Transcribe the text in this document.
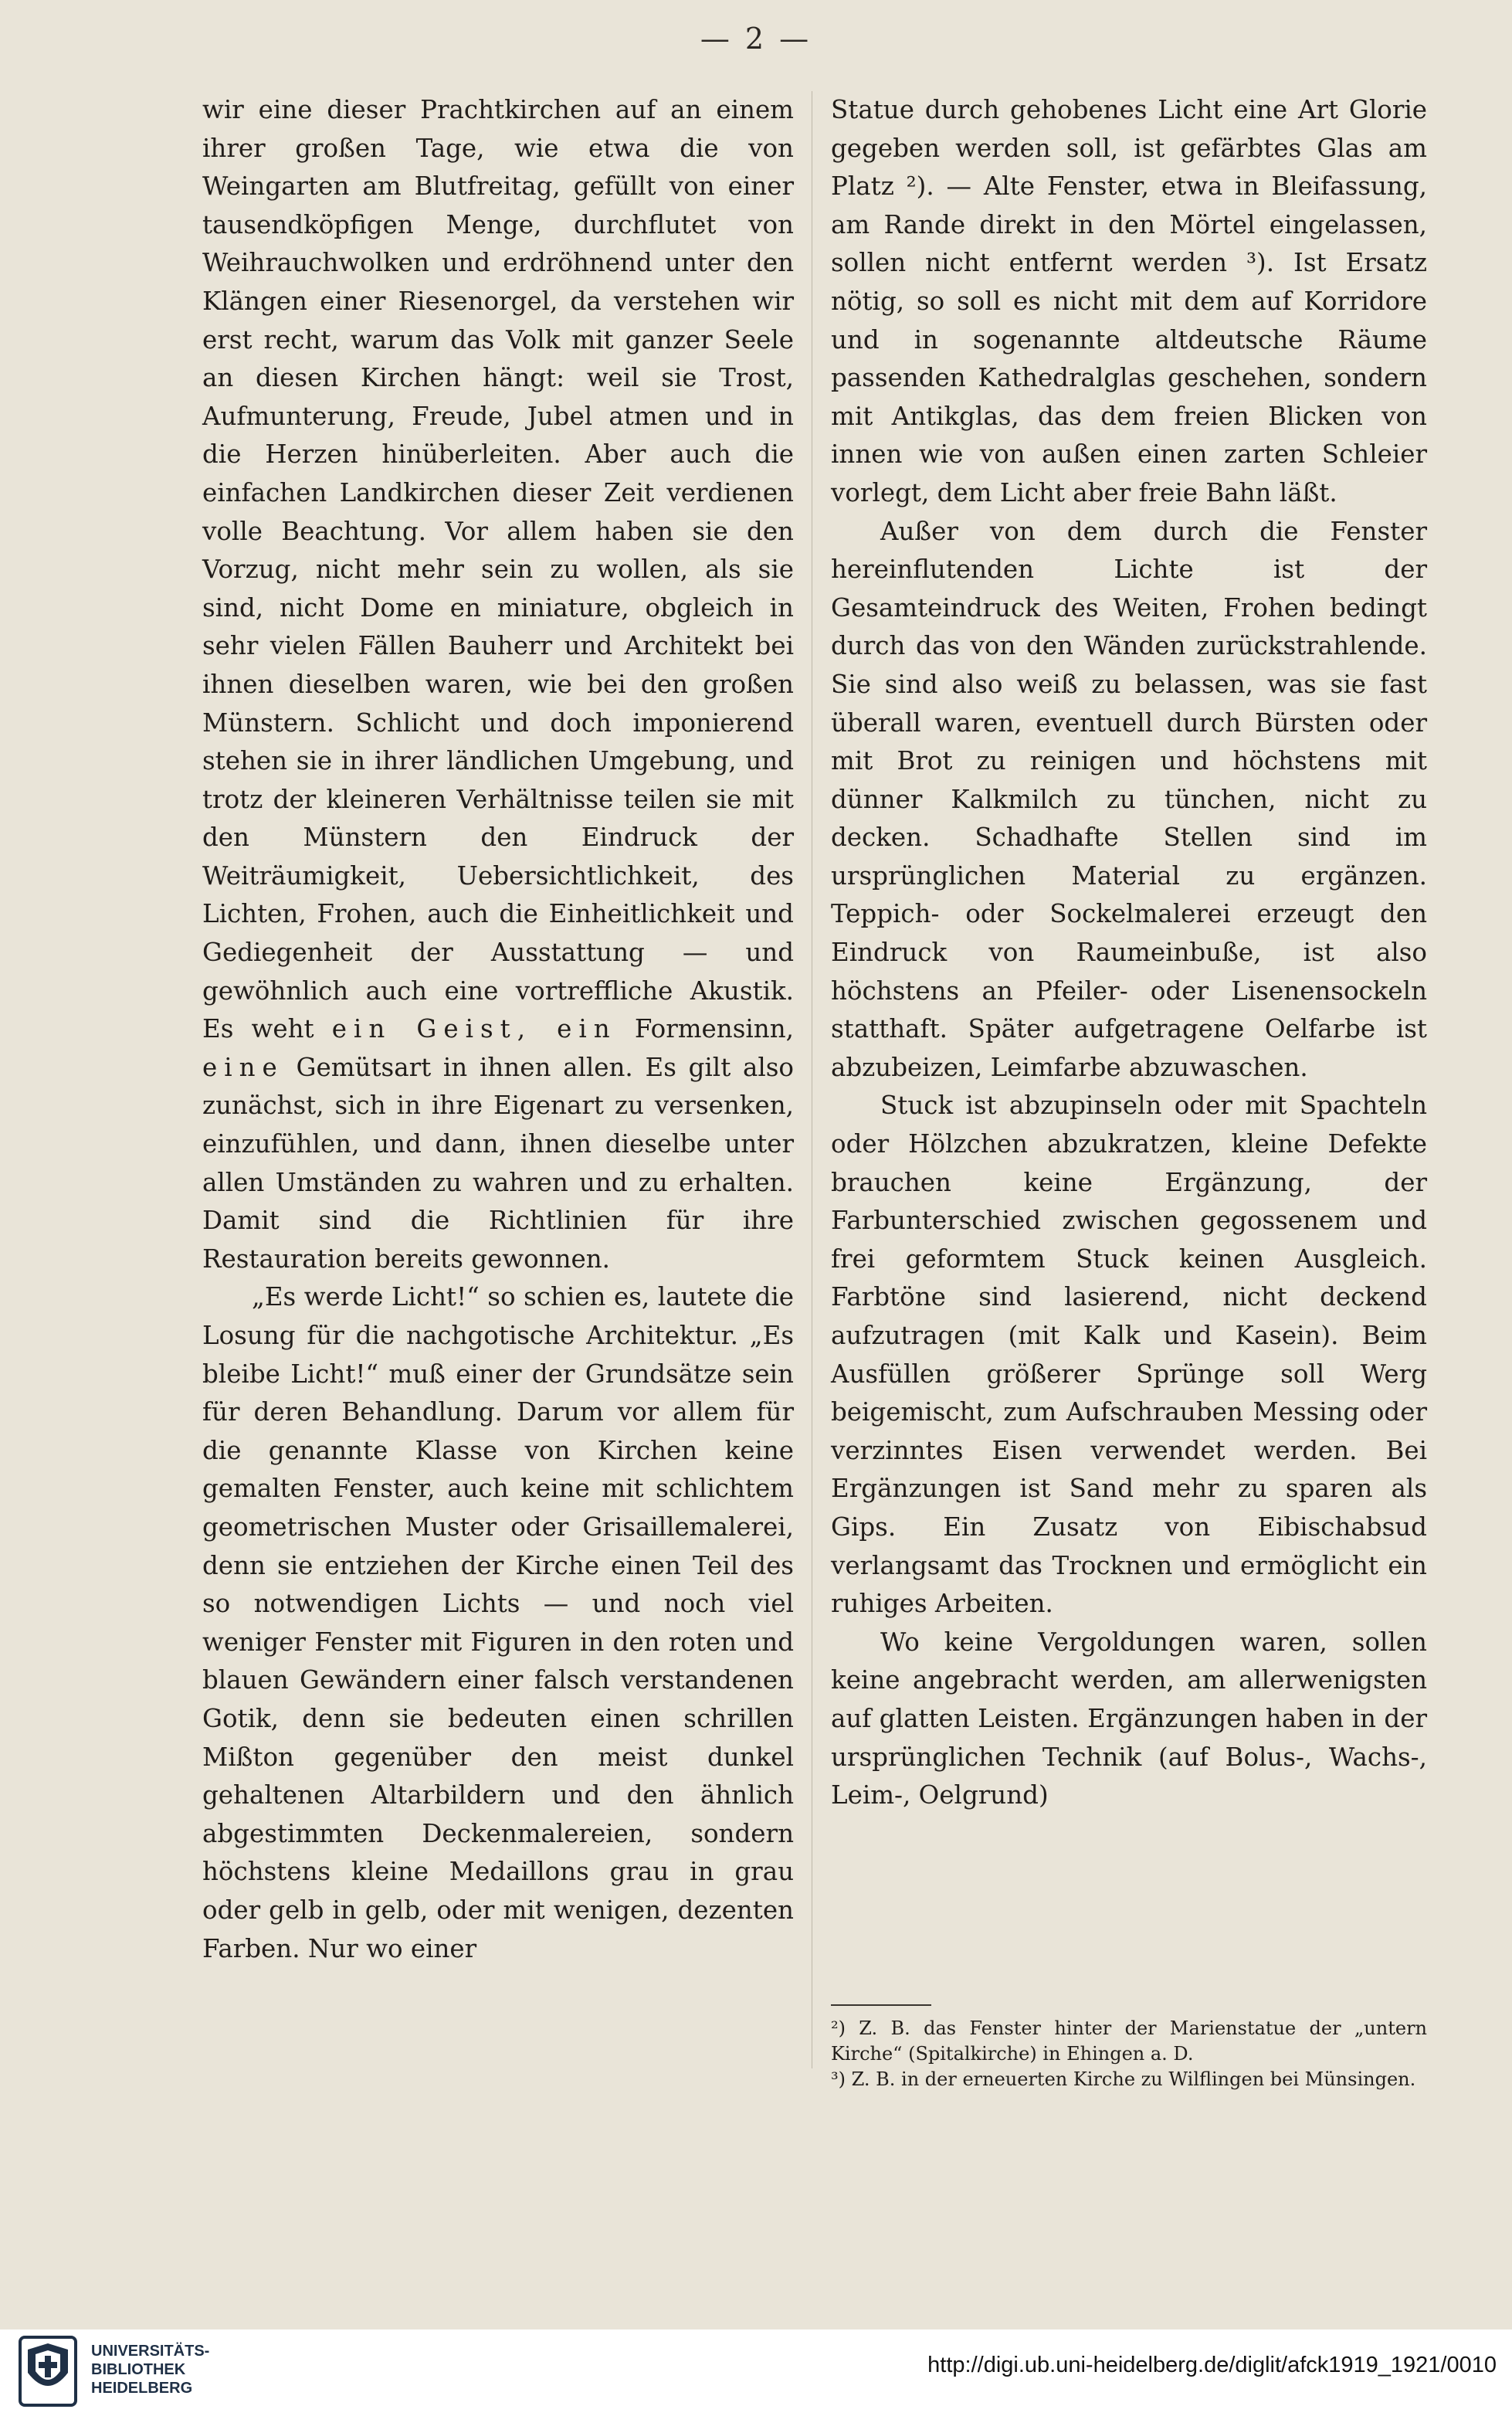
— 2 —

wir eine dieser Prachtkirchen auf an einem ihrer großen Tage, wie etwa die von Weingarten am Blutfreitag, gefüllt von einer tausendköpfigen Menge, durchflutet von Weihrauchwolken und erdröhnend unter den Klängen einer Riesenorgel, da verstehen wir erst recht, warum das Volk mit ganzer Seele an diesen Kirchen hängt: weil sie Trost, Aufmunterung, Freude, Jubel atmen und in die Herzen hinüberleiten. Aber auch die einfachen Landkirchen dieser Zeit verdienen volle Beachtung. Vor allem haben sie den Vorzug, nicht mehr sein zu wollen, als sie sind, nicht Dome en miniature, obgleich in sehr vielen Fällen Bauherr und Architekt bei ihnen dieselben waren, wie bei den großen Münstern. Schlicht und doch imponierend stehen sie in ihrer ländlichen Umgebung, und trotz der kleineren Verhältnisse teilen sie mit den Münstern den Eindruck der Weiträumigkeit, Uebersichtlichkeit, des Lichten, Frohen, auch die Einheitlichkeit und Gediegenheit der Ausstattung — und gewöhnlich auch eine vortreffliche Akustik. Es weht ein Geist, ein Formensinn, eine Gemütsart in ihnen allen. Es gilt also zunächst, sich in ihre Eigenart zu versenken, einzufühlen, und dann, ihnen dieselbe unter allen Umständen zu wahren und zu erhalten. Damit sind die Richtlinien für ihre Restauration bereits gewonnen.

„Es werde Licht!“ so schien es, lautete die Losung für die nachgotische Architektur. „Es bleibe Licht!“ muß einer der Grundsätze sein für deren Behandlung. Darum vor allem für die genannte Klasse von Kirchen keine gemalten Fenster, auch keine mit schlichtem geometrischen Muster oder Grisaillemalerei, denn sie entziehen der Kirche einen Teil des so notwendigen Lichts — und noch viel weniger Fenster mit Figuren in den roten und blauen Gewändern einer falsch verstandenen Gotik, denn sie bedeuten einen schrillen Mißton gegenüber den meist dunkel gehaltenen Altarbildern und den ähnlich abgestimmten Deckenmalereien, sondern höchstens kleine Medaillons grau in grau oder gelb in gelb, oder mit wenigen, dezenten Farben. Nur wo einer

Statue durch gehobenes Licht eine Art Glorie gegeben werden soll, ist gefärbtes Glas am Platz ²). — Alte Fenster, etwa in Bleifassung, am Rande direkt in den Mörtel eingelassen, sollen nicht entfernt werden ³). Ist Ersatz nötig, so soll es nicht mit dem auf Korridore und in sogenannte altdeutsche Räume passenden Kathedralglas geschehen, sondern mit Antikglas, das dem freien Blicken von innen wie von außen einen zarten Schleier vorlegt, dem Licht aber freie Bahn läßt.

Außer von dem durch die Fenster hereinflutenden Lichte ist der Gesamteindruck des Weiten, Frohen bedingt durch das von den Wänden zurückstrahlende. Sie sind also weiß zu belassen, was sie fast überall waren, eventuell durch Bürsten oder mit Brot zu reinigen und höchstens mit dünner Kalkmilch zu tünchen, nicht zu decken. Schadhafte Stellen sind im ursprünglichen Material zu ergänzen. Teppich- oder Sockelmalerei erzeugt den Eindruck von Raumeinbuße, ist also höchstens an Pfeiler- oder Lisenensockeln statthaft. Später aufgetragene Oelfarbe ist abzubeizen, Leimfarbe abzuwaschen.

Stuck ist abzupinseln oder mit Spachteln oder Hölzchen abzukratzen, kleine Defekte brauchen keine Ergänzung, der Farbunterschied zwischen gegossenem und frei geformtem Stuck keinen Ausgleich. Farbtöne sind lasierend, nicht deckend aufzutragen (mit Kalk und Kasein). Beim Ausfüllen größerer Sprünge soll Werg beigemischt, zum Aufschrauben Messing oder verzinntes Eisen verwendet werden. Bei Ergänzungen ist Sand mehr zu sparen als Gips. Ein Zusatz von Eibischabsud verlangsamt das Trocknen und ermöglicht ein ruhiges Arbeiten.

Wo keine Vergoldungen waren, sollen keine angebracht werden, am allerwenigsten auf glatten Leisten. Ergänzungen haben in der ursprünglichen Technik (auf Bolus-, Wachs-, Leim-, Oelgrund)

²) Z. B. das Fenster hinter der Marienstatue der „untern Kirche“ (Spitalkirche) in Ehingen a. D.

³) Z. B. in der erneuerten Kirche zu Wilflingen bei Münsingen.

UNIVERSITÄTS-
BIBLIOTHEK
HEIDELBERG
http://digi.ub.uni-heidelberg.de/diglit/afck1919_1921/0010
